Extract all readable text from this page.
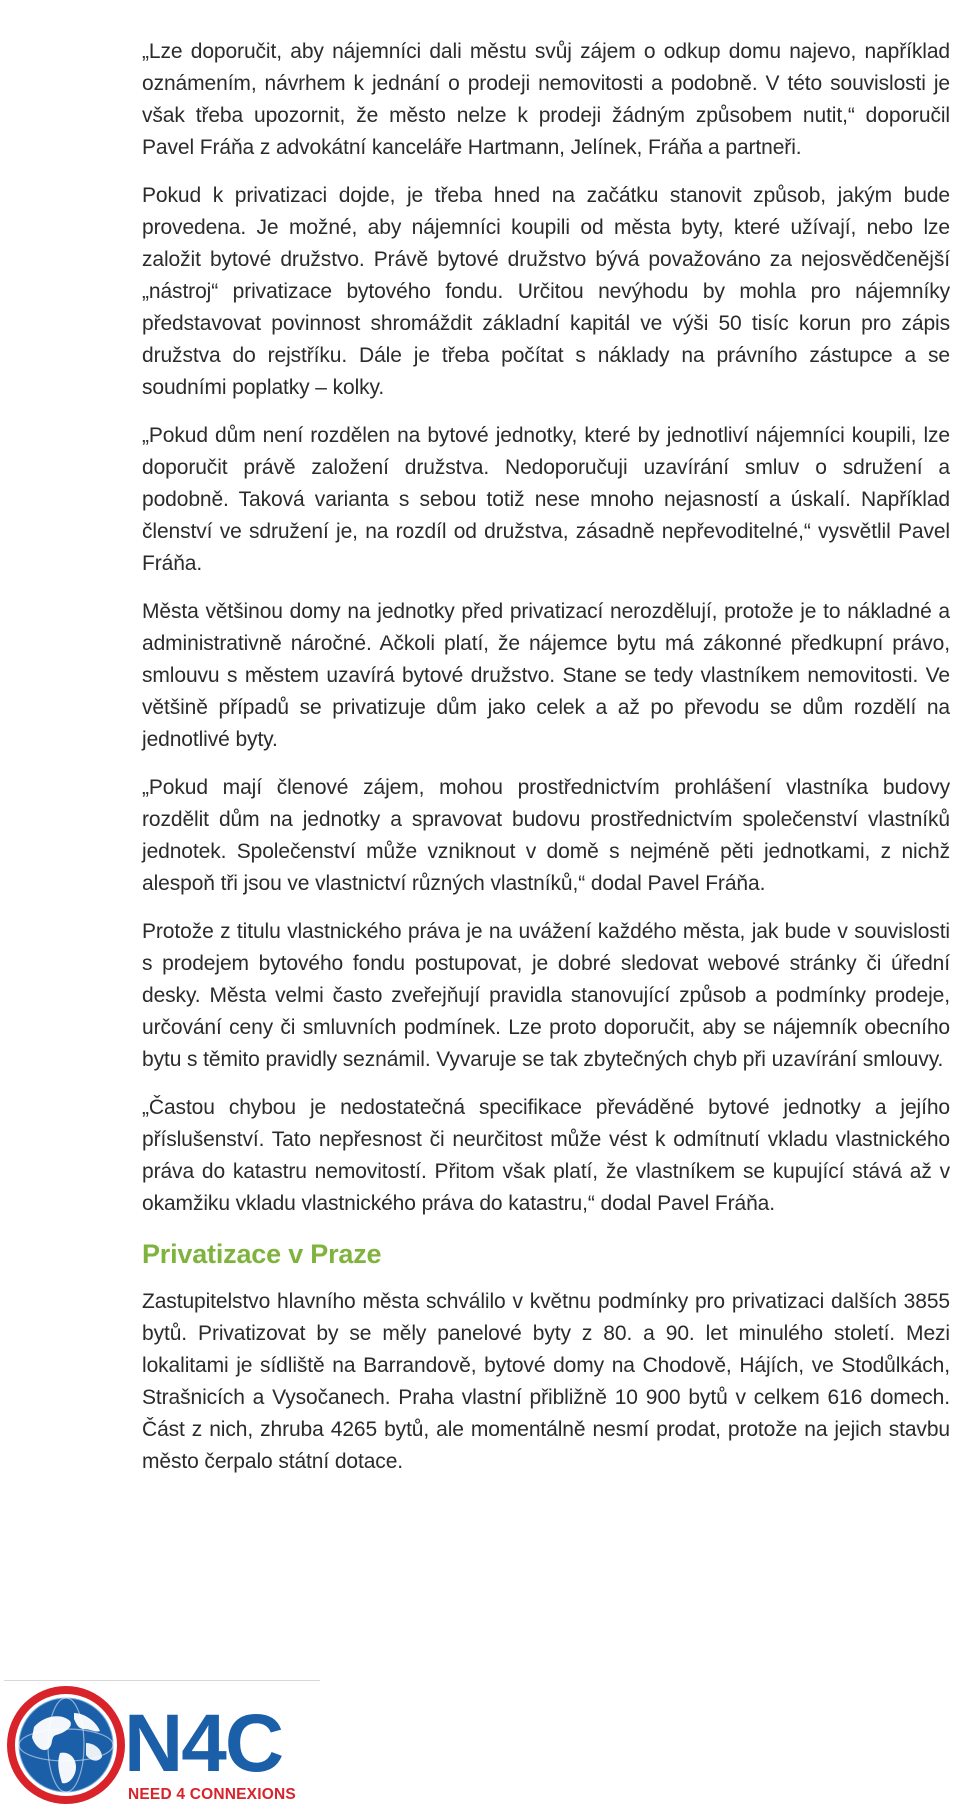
„Lze doporučit, aby nájemníci dali městu svůj zájem o odkup domu najevo, například oznámením, návrhem k jednání o prodeji nemovitosti a podobně. V této souvislosti je však třeba upozornit, že město nelze k prodeji žádným způsobem nutit,“ doporučil Pavel Fráňa z advokátní kanceláře Hartmann, Jelínek, Fráňa a partneři.

Pokud k privatizaci dojde, je třeba hned na začátku stanovit způsob, jakým bude provedena. Je možné, aby nájemníci koupili od města byty, které užívají, nebo lze založit bytové družstvo. Právě bytové družstvo bývá považováno za nejosvědčenější „nástroj“ privatizace bytového fondu. Určitou nevýhodu by mohla pro nájemníky představovat povinnost shromáždit základní kapitál ve výši 50 tisíc korun pro zápis družstva do rejstříku. Dále je třeba počítat s náklady na právního zástupce a se soudními poplatky – kolky.

„Pokud dům není rozdělen na bytové jednotky, které by jednotliví nájemníci koupili, lze doporučit právě založení družstva. Nedoporučuji uzavírání smluv o sdružení a podobně. Taková varianta s sebou totiž nese mnoho nejasností a úskalí. Například členství ve sdružení je, na rozdíl od družstva, zásadně nepřevoditelné,“ vysvětlil Pavel Fráňa.

Města většinou domy na jednotky před privatizací nerozdělují, protože je to nákladné a administrativně náročné. Ačkoli platí, že nájemce bytu má zákonné předkupní právo, smlouvu s městem uzavírá bytové družstvo. Stane se tedy vlastníkem nemovitosti. Ve většině případů se privatizuje dům jako celek a až po převodu se dům rozdělí na jednotlivé byty.

„Pokud mají členové zájem, mohou prostřednictvím prohlášení vlastníka budovy rozdělit dům na jednotky a spravovat budovu prostřednictvím společenství vlastníků jednotek. Společenství může vzniknout v domě s nejméně pěti jednotkami, z nichž alespoň tři jsou ve vlastnictví různých vlastníků,“ dodal Pavel Fráňa.

Protože z titulu vlastnického práva je na uvážení každého města, jak bude v souvislosti s prodejem bytového fondu postupovat, je dobré sledovat webové stránky či úřední desky. Města velmi často zveřejňují pravidla stanovující způsob a podmínky prodeje, určování ceny či smluvních podmínek. Lze proto doporučit, aby se nájemník obecního bytu s těmito pravidly seznámil. Vyvaruje se tak zbytečných chyb při uzavírání smlouvy.

„Častou chybou je nedostatečná specifikace převáděné bytové jednotky a jejího příslušenství. Tato nepřesnost či neurčitost může vést k odmítnutí vkladu vlastnického práva do katastru nemovitostí. Přitom však platí, že vlastníkem se kupující stává až v okamžiku vkladu vlastnického práva do katastru,“ dodal Pavel Fráňa.

Privatizace v Praze

Zastupitelstvo hlavního města schválilo v květnu podmínky pro privatizaci dalších 3855 bytů. Privatizovat by se měly panelové byty z 80. a 90. let minulého století. Mezi lokalitami je sídliště na Barrandově, bytové domy na Chodově, Hájích, ve Stodůlkách, Strašnicích a Vysočanech. Praha vlastní přibližně 10 900 bytů v celkem 616 domech. Část z nich, zhruba 4265 bytů, ale momentálně nesmí prodat, protože na jejich stavbu město čerpalo státní dotace.

N4C
NEED 4 CONNEXIONS
